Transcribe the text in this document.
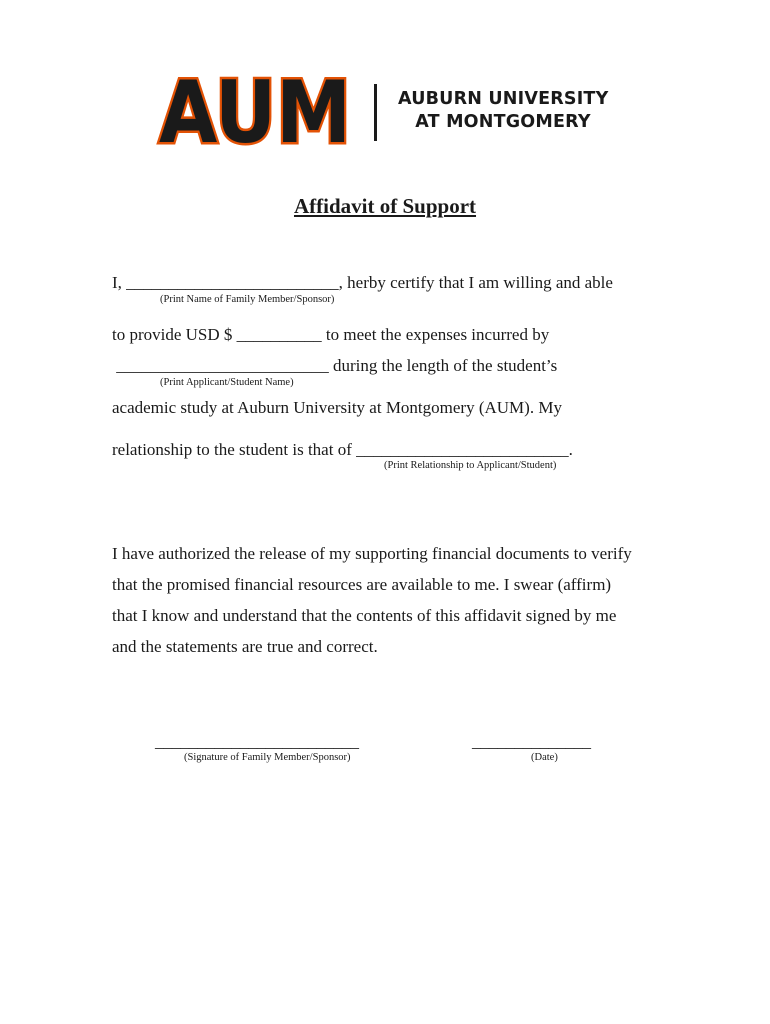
AUM	AUBURN UNIVERSITY
AT MONTGOMERY
Affidavit of Support
I, _________________________, herby certify that I am willing and able
(Print Name of Family Member/Sponsor)
to provide USD $ __________ to meet the expenses incurred by
_________________________ during the length of the student’s
(Print Applicant/Student Name)
academic study at Auburn University at Montgomery (AUM). My
relationship to the student is that of _________________________.
(Print Relationship to Applicant/Student)
I have authorized the release of my supporting financial documents to verify
that the promised financial resources are available to me. I swear (affirm)
that I know and understand that the contents of this affidavit signed by me
and the statements are true and correct.
________________________
(Signature of Family Member/Sponsor)
______________
(Date)
